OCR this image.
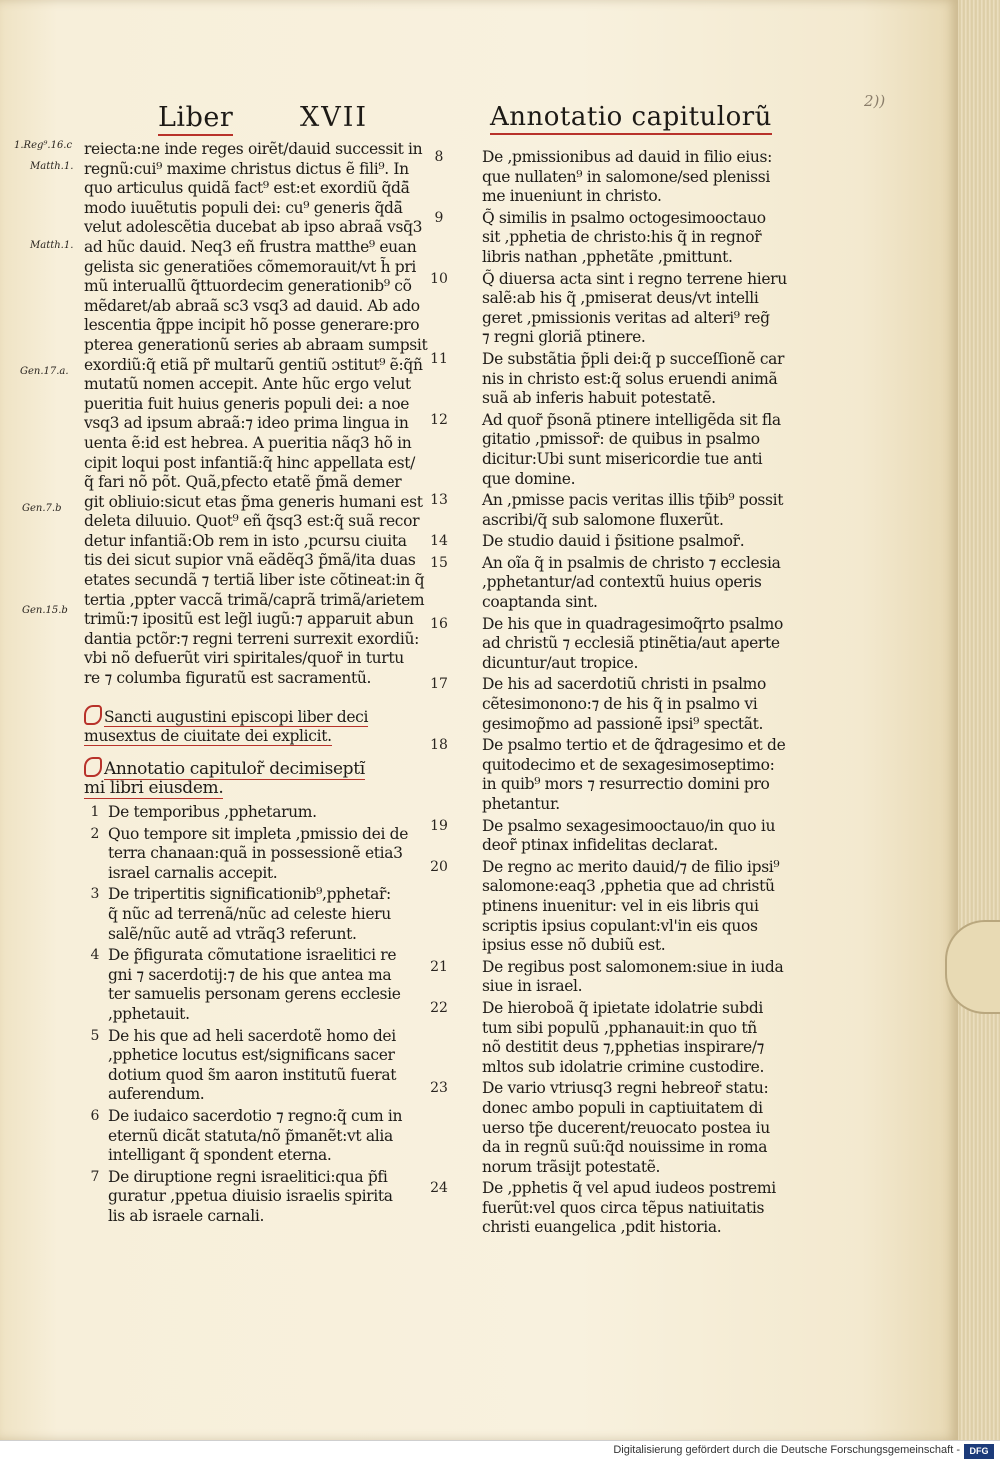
2))
Liber XVII	Annotatio capitulorũ
1.Reg⁹.16.c
Matth.1.
Matth.1.
Gen.17.a.
Gen.7.b
Gen.15.b
reiecta:ne inde reges oirẽt/dauid successit in
regnũ:cui⁹ maxime christus dictus ẽ fili⁹. In
quo articulus quidã fact⁹ est:et exordiũ q̃dã̄
modo iuuẽtutis populi dei: cu⁹ generis q̃dã̄
velut adolescẽtia ducebat ab ipso abraã vsq̄3
ad hũc dauid. Neq3 eñ frustra matthe⁹ euan
gelista sic generatiões cõmemorauit/vt h̃ pri
mũ interuallũ q̃ttuordecim generationib⁹ cõ
mẽdaret/ab abraã sc3 vsq3 ad dauid. Ab ado
lescentia q̃ppe incipit hõ posse generare:pro
pterea generationũ series ab abraam sumpsit
exordiũ:q̃ etiã pr̃ multarũ gentiũ ɔstitut⁹ ẽ:q̃ñ
mutatũ nomen accepit. Ante hũc ergo velut
pueritia fuit huius generis populi dei: a noe
vsq3 ad ipsum abraã:⁊ ideo prima lingua in
uenta ẽ:id est hebrea. A pueritia nãq3 hõ in
cipit loqui post infantiã:q̃ hinc appellata est/
q̃ fari nõ põt. Quã,pfecto etatẽ p̃mã demer
git obliuio:sicut etas p̃ma generis humani est
deleta diluuio. Quot⁹ eñ q̃sq3 est:q̃ suã recor
detur infantiã:Ob rem in isto ,pcursu ciuita
tis dei sicut supior vnã eãdẽq3 p̃mã/ita duas
etates secundã ⁊ tertiã liber iste cõtineat:in q̃
tertia ,ppter vaccã trimã/caprã trimã/arietem
trimũ:⁊ ipositũ est leg̃l iugũ:⁊ apparuit abun
dantia pctõr:⁊ regni terreni surrexit exordiũ:
vbi nõ defuerũt viri spiritales/quor̃ in turtu
re ⁊ columba figuratũ est sacramentũ.
Sancti augustini episcopi liber deci
musextus de ciuitate dei explicit.
Annotatio capitulor̃ decimiseptĩ
mi libri eiusdem.
1 De temporibus ,pphetarum.
2 Quo tempore sit impleta ,pmissio dei de
terra chanaan:quã in possessionẽ etia3
israel carnalis accepit.
3 De tripertitis significationib⁹,pphetar̃:
q̃ nũc ad terrenã/nũc ad celeste hieru
salẽ/nũc autẽ ad vtrãq3 referunt.
4 De p̃figurata cõmutatione israelitici re
gni ⁊ sacerdotij:⁊ de his que antea ma
ter samuelis personam gerens ecclesie
,pphetauit.
5 De his que ad heli sacerdotẽ homo dei
,pphetice locutus est/significans sacer
dotium quod s̃m aaron institutũ fuerat
auferendum.
6 De iudaico sacerdotio ⁊ regno:q̃ cum in
eternũ dicãt statuta/nõ p̃manẽt:vt alia
intelligant q̃ spondent eterna.
7 De diruptione regni israelitici:qua p̃fi
guratur ,ppetua diuisio israelis spirita
lis ab israele carnali.
8	De ,pmissionibus ad dauid in filio eius:
que nullaten⁹ in salomone/sed plenissi
me inueniunt in christo.
9	Q̃ similis in psalmo octogesimooctauo
sit ,pphetia de christo:his q̃ in regnor̃
libris nathan ,pphetãte ,pmittunt.
10	Q̃ diuersa acta sint i regno terrene hieru
salẽ:ab his q̃ ,pmiserat deus/vt intelli
geret ,pmissionis veritas ad alteri⁹ reg̃
⁊ regni gloriã ptinere.
11	De substãtia p̃pli dei:q̃ p succeſſionẽ car
nis in christo est:q̃ solus eruendi animã
suã ab inferis habuit potestatẽ.
12	Ad quor̃ p̃sonã ptinere intelligẽda sit fla
gitatio ,pmissor̃: de quibus in psalmo
dicitur:Ubi sunt misericordie tue anti
que domine.
13	An ,pmisse pacis veritas illis tp̃ib⁹ possit
ascribi/q̃ sub salomone fluxerũt.
14	De studio dauid i p̃sitione psalmor̃.
15	An oĩa q̃ in psalmis de christo ⁊ ecclesia
,pphetantur/ad contextũ huius operis
coaptanda sint.
16	De his que in quadragesimoq̃rto psalmo
ad christũ ⁊ ecclesiã ptinẽtia/aut aperte
dicuntur/aut tropice.
17	De his ad sacerdotiũ christi in psalmo
cẽtesimonono:⁊ de his q̃ in psalmo vi
gesimop̃mo ad passionẽ ipsi⁹ spectãt.
18	De psalmo tertio et de q̃dragesimo et de
quitodecimo et de sexagesimoseptimo:
in quib⁹ mors ⁊ resurrectio domini pro
phetantur.
19	De psalmo sexagesimooctauo/in quo iu
deor̃ ptinax infidelitas declarat.
20	De regno ac merito dauid/⁊ de filio ipsi⁹
salomone:eaq3 ,pphetia que ad christũ
ptinens inuenitur: vel in eis libris qui
scriptis ipsius copulant:vl'in eis quos
ipsius esse nõ dubiũ est.
21	De regibus post salomonem:siue in iuda
siue in israel.
22	De hieroboã q̃ ipietate idolatrie subdi
tum sibi populũ ,pphanauit:in quo tñ
nõ destitit deus ⁊,pphetias inspirare/⁊
mltos sub idolatrie crimine custodire.
23	De vario vtriusq3 regni hebreor̃ statu:
donec ambo populi in captiuitatem di
uerso tp̃e ducerent/reuocato postea iu
da in regnũ suũ:q̃d nouissime in roma
norum trãsijt potestatẽ.
24	De ,pphetis q̃ vel apud iudeos postremi
fuerũt:vel quos circa tẽpus natiuitatis
christi euangelica ,pdit historia.
Digitalisierung gefördert durch die Deutsche Forschungsgemeinschaft -	DFG
